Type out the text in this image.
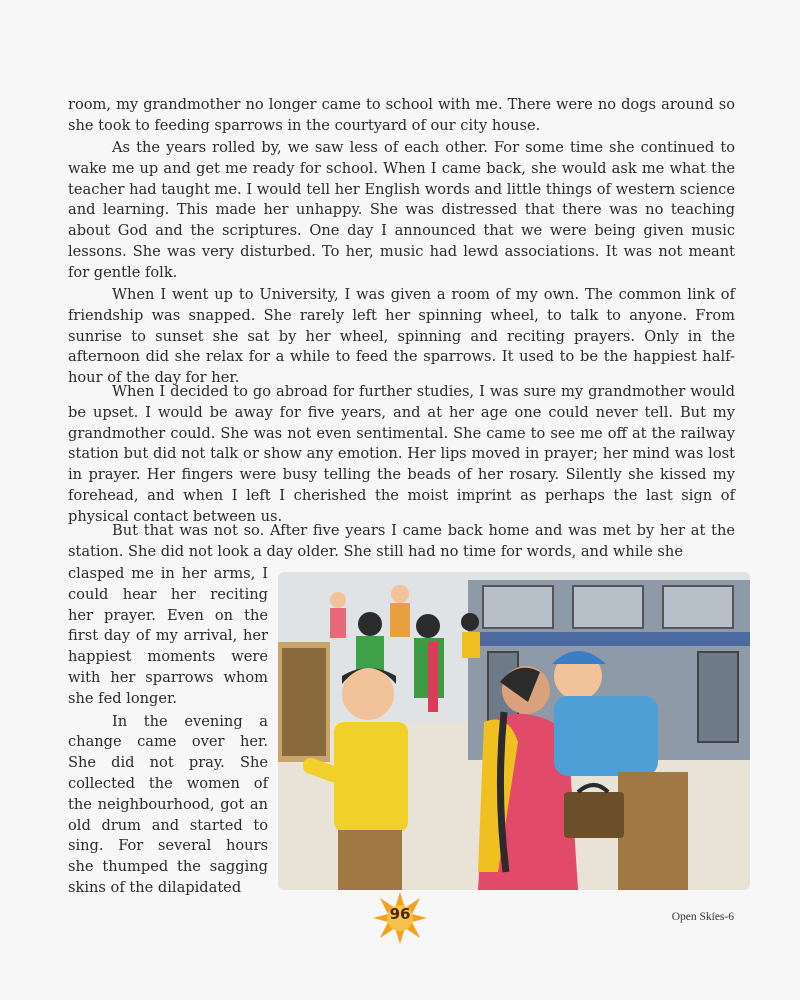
room, my grandmother no longer came to school with me. There were no dogs around so she took to feeding sparrows in the courtyard of our city house.

As the years rolled by, we saw less of each other. For some time she continued to wake me up and get me ready for school. When I came back, she would ask me what the teacher had taught me. I would tell her English words and little things of western science and learning. This made her unhappy. She was distressed that there was no teaching about God and the scriptures. One day I announced that we were being given music lessons. She was very disturbed. To her, music had lewd associations. It was not meant for gentle folk.

When I went up to University, I was given a room of my own. The common link of friendship was snapped. She rarely left her spinning wheel, to talk to anyone. From sunrise to sunset she sat by her wheel, spinning and reciting prayers. Only in the afternoon did she relax for a while to feed the sparrows. It used to be the happiest half-hour of the day for her.

When I decided to go abroad for further studies, I was sure my grandmother would be upset. I would be away for five years, and at her age one could never tell. But my grandmother could. She was not even sentimental. She came to see me off at the railway station but did not talk or show any emotion. Her lips moved in prayer; her mind was lost in prayer. Her fingers were busy telling the beads of her rosary. Silently she kissed my forehead, and when I left I cherished the moist imprint as perhaps the last sign of physical contact between us.

But that was not so. After five years I came back home and was met by her at the station. She did not look a day older. She still had no time for words, and while she

clasped me in her arms, I could hear her reciting her prayer. Even on the first day of my arrival, her happiest moments were with her sparrows whom she fed longer.

In the evening a change came over her. She did not pray. She collected the women of the neighbourhood, got an old drum and started to sing. For several hours she thumped the sagging skins of the dilapidated

96	Open Skies-6
